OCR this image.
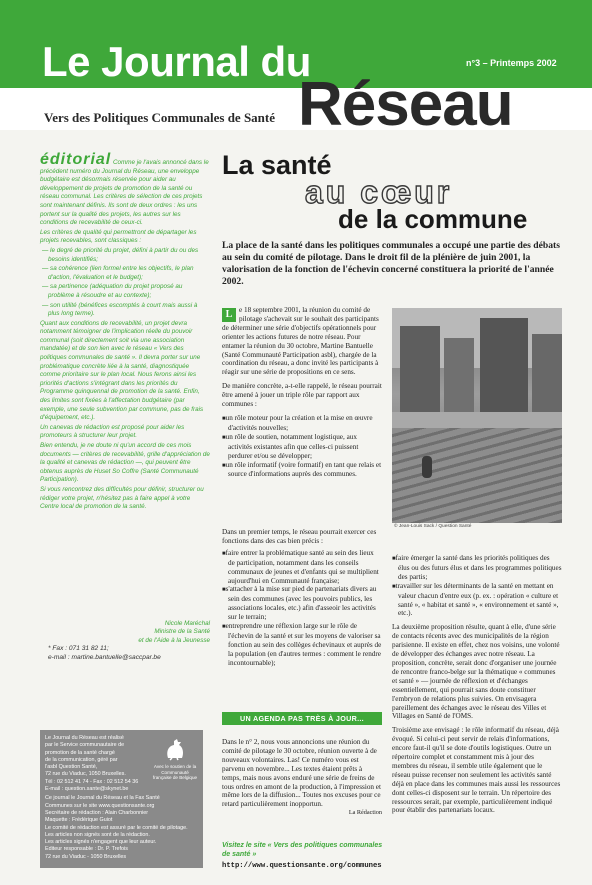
Le Journal du	n°3 – Printemps 2002
Réseau
Vers des Politiques Communales de Santé

éditorial Comme je l'avais annoncé dans le précédent numéro du Journal du Réseau, une enveloppe budgétaire est désormais réservée pour aider au développement de projets de promotion de la santé ou réseau communal. Les critères de sélection de ces projets sont maintenant définis. Ils sont de deux ordres : les uns portent sur la qualité des projets, les autres sur les conditions de recevabilité de ceux-ci.

Les critères de qualité qui permettront de départager les projets recevables, sont classiques :

— le degré de priorité du projet, défini à partir du ou des besoins identifiés;

— sa cohérence (lien formel entre les objectifs, le plan d'action, l'évaluation et le budget);

— sa pertinence (adéquation du projet proposé au problème à résoudre et au contexte);

— son utilité (bénéfices escomptés à court mais aussi à plus long terme).

Quant aux conditions de recevabilité, un projet devra notamment témoigner de l'implication réelle du pouvoir communal (soit directement soit via une association mandatée) et de son lien avec le réseau « Vers des politiques communales de santé ». Il devra porter sur une problématique concrète liée à la santé, diagnostiquée comme prioritaire sur le plan local. Nous ferons ainsi les priorités d'actions s'intégrant dans les priorités du Programme quinquennal de promotion de la santé. Enfin, des limites sont fixées à l'affectation budgétaire (par exemple, une seule subvention par commune, pas de frais d'équipement, etc.).

Un canevas de rédaction est proposé pour aider les promoteurs à structurer leur projet.

Bien entendu, je ne doute ni qu'un accord de ces mois documents — critères de recevabilité, grille d'appréciation de la qualité et canevas de rédaction —, qui peuvent être obtenus auprès de Huset So Coffre (Santé Communauté Participation).

Si vous rencontrez des difficultés pour définir, structurer ou rédiger votre projet, n'hésitez pas à faire appel à votre Centre local de promotion de la santé.

Nicole Maréchal
Ministre de la Santé
et de l'Aide à la Jeunesse
* Fax : 071 31 82 11;
e-mail : martine.bantuelle@saccpar.be
Le Journal du Réseau est réalisé
par le Service communautaire de
promotion de la santé chargé
de la communication, géré par
l'asbl Question Santé,
72 rue du Viaduc, 1050 Bruxelles.
Tél : 02 512 41 74 - Fax : 02 512 54 36
E-mail : question.sante@skynet.be
Avec le soutien de la Communauté française de Belgique
Ce journal le Journal du Réseau et la Fax Santé
Communes sur le site www.questionsante.org
Secrétaire de rédaction : Alain Charbonnier
Maquette : Frédérique Guiot
Le comité de rédaction est assuré par le comité de pilotage.
Les articles non signés sont de la rédaction.
Les articles signés n'engagent que leur auteur.
Editeur responsable : Dr. P. Trefois
72 rue du Viaduc - 1050 Bruxelles
La santé
au cœur
de la commune
La place de la santé dans les politiques communales a occupé une partie des débats au sein du comité de pilotage. Dans le droit fil de la plénière de juin 2001, la valorisation de la fonction de l'échevin concerné constituera la priorité de l'année 2002.

L e 18 septembre 2001, la réunion du comité de pilotage s'achevait sur le souhait des participants de déterminer une série d'objectifs opérationnels pour orienter les actions futures de notre réseau. Pour entamer la réunion du 30 octobre, Martine Bantuelle (Santé Communauté Participation asbl), chargée de la coordination du réseau, a donc invité les participants à réagir sur une série de propositions en ce sens.

De manière concrète, a-t-elle rappelé, le réseau pourrait être amené à jouer un triple rôle par rapport aux communes :

■ un rôle moteur pour la création et la mise en œuvre d'activités nouvelles;
■ un rôle de soutien, notamment logistique, aux activités existantes afin que celles-ci puissent perdurer et/ou se développer;
■ un rôle informatif (voire formatif) en tant que relais et source d'informations auprès des communes.

Dans un premier temps, le réseau pourrait exercer ces fonctions dans des cas bien précis :

■ faire entrer la problématique santé au sein des lieux de participation, notamment dans les conseils communaux de jeunes et d'enfants qui se multiplient aujourd'hui en Communauté française;
■ s'attacher à la mise sur pied de partenariats divers au sein des communes (avec les pouvoirs publics, les associations locales, etc.) afin d'asseoir les activités sur le terrain;
■ entreprendre une réflexion large sur le rôle de l'échevin de la santé et sur les moyens de valoriser sa fonction au sein des collèges échevinaux et auprès de la population (en d'autres termes : comment le rendre incontournable);
© Jean-Louis Sack / Question Santé
■ faire émerger la santé dans les priorités politiques des élus ou des futurs élus et dans les programmes politiques des partis;
■ travailler sur les déterminants de la santé en mettant en valeur chacun d'entre eux (p. ex. : opération « culture et santé », « habitat et santé », « environnement et santé », etc.).

La deuxième proposition résulte, quant à elle, d'une série de contacts récents avec des municipalités de la région parisienne. Il existe en effet, chez nos voisins, une volonté de développer des échanges avec notre réseau. La proposition, concrète, serait donc d'organiser une journée de rencontre franco-belge sur la thématique « communes et santé » — journée de réflexion et d'échanges essentiellement, qui pourrait sans doute constituer l'embryon de relations plus suivies. On envisagera pareillement des échanges avec le réseau des Villes et Villages en Santé de l'OMS.

Troisième axe envisagé : le rôle informatif du réseau, déjà évoqué. Si celui-ci peut servir de relais d'informations, encore faut-il qu'il se dote d'outils logistiques. Outre un répertoire complet et constamment mis à jour des membres du réseau, il semble utile également que le réseau puisse recenser non seulement les activités santé déjà en place dans les communes mais aussi les ressources dont celles-ci disposent sur le terrain. Un répertoire des ressources serait, par exemple, particulièrement indiqué pour établir des partenariats locaux.

UN AGENDA PAS TRÈS À JOUR...

Dans le n° 2, nous vous annoncions une réunion du comité de pilotage le 30 octobre, réunion ouverte à de nouveaux volontaires. Las! Ce numéro vous est parvenu en novembre... Les textes étaient prêts à temps, mais nous avons enduré une série de freins de tous ordres en amont de la production, à l'impression et même lors de la diffusion... Toutes nos excuses pour ce retard particulièrement inopportun.

La Rédaction

Visitez le site « Vers des politiques communales de santé »
http://www.questionsante.org/communes
